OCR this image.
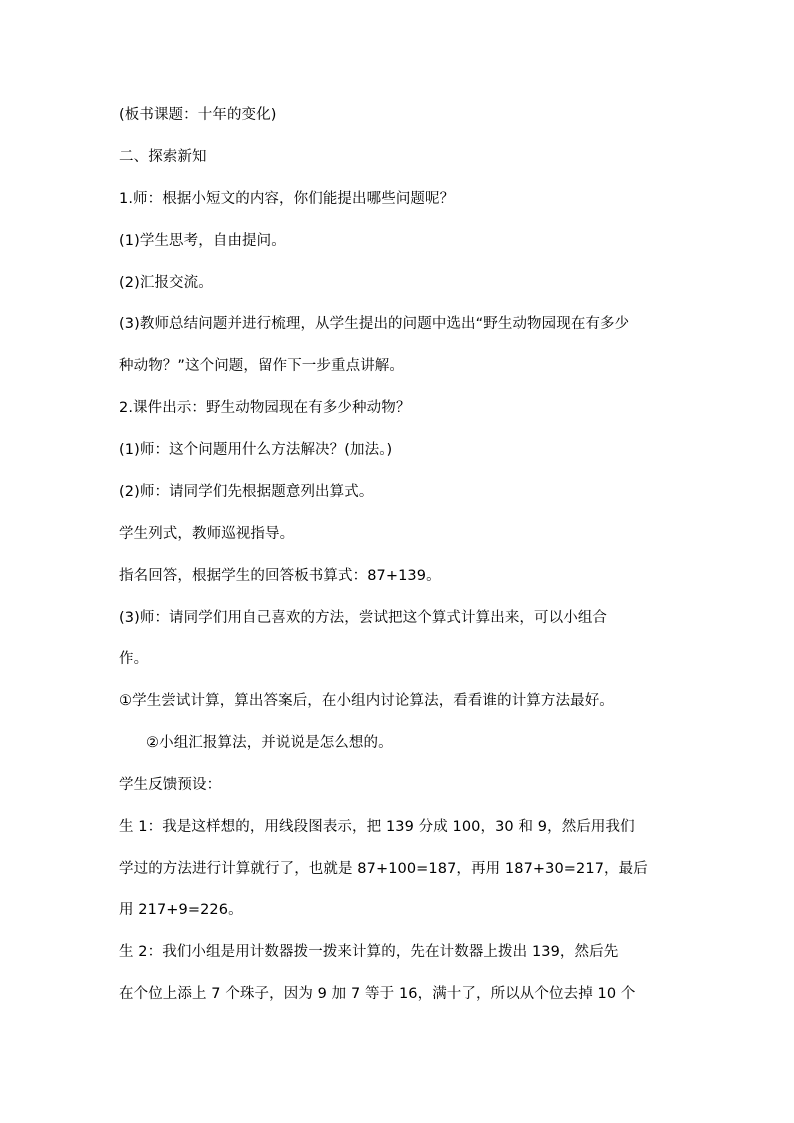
(板书课题：十年的变化)
二、探索新知
1.师：根据小短文的内容，你们能提出哪些问题呢？
(1)学生思考，自由提问。
(2)汇报交流。
(3)教师总结问题并进行梳理，从学生提出的问题中选出“野生动物园现在有多少
种动物？”这个问题，留作下一步重点讲解。
2.课件出示：野生动物园现在有多少种动物？
(1)师：这个问题用什么方法解决？(加法。)
(2)师：请同学们先根据题意列出算式。
学生列式，教师巡视指导。
指名回答，根据学生的回答板书算式：87+139。
(3)师：请同学们用自己喜欢的方法，尝试把这个算式计算出来，可以小组合
作。
①学生尝试计算，算出答案后，在小组内讨论算法，看看谁的计算方法最好。
②小组汇报算法，并说说是怎么想的。
学生反馈预设：
生 1：我是这样想的，用线段图表示，把 139 分成 100，30 和 9，然后用我们
学过的方法进行计算就行了，也就是 87+100=187，再用 187+30=217，最后
用 217+9=226。
生 2：我们小组是用计数器拨一拨来计算的，先在计数器上拨出 139，然后先
在个位上添上 7 个珠子，因为 9 加 7 等于 16，满十了，所以从个位去掉 10 个
